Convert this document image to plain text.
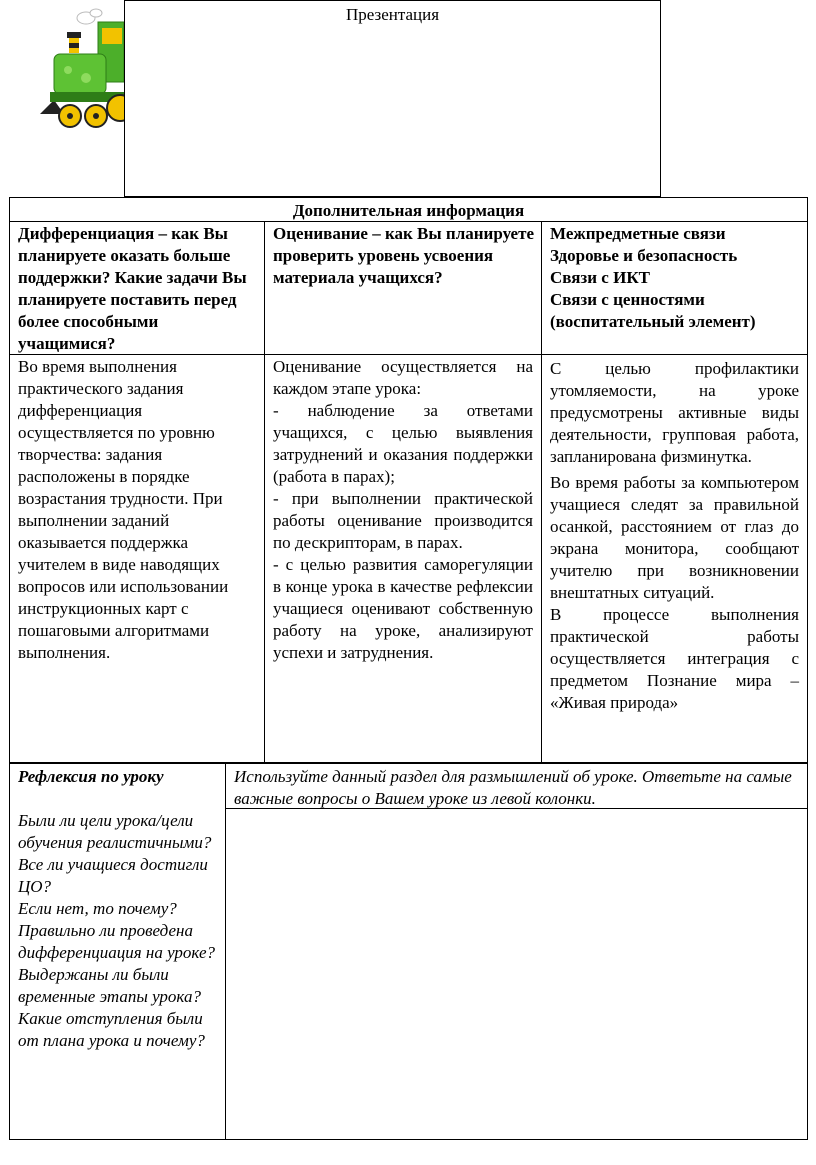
Презентация
Дополнительная информация
Дифференциация – как Вы планируете оказать больше поддержки? Какие задачи Вы планируете поставить перед более способными учащимися?
Оценивание – как Вы планируете проверить уровень усвоения материала учащихся?
Межпредметные связи
Здоровье и безопасность
Связи с ИКТ
Связи с ценностями
(воспитательный элемент)
Во время выполнения практического задания дифференциация осуществляется по уровню творчества: задания расположены в порядке возрастания трудности. При выполнении заданий оказывается поддержка учителем в виде наводящих вопросов или использовании инструкционных карт с пошаговыми алгоритмами выполнения.

Оценивание осуществляется на каждом этапе урока:

- наблюдение за ответами учащихся, с целью выявления затруднений и оказания поддержки (работа в парах);

- при выполнении практической работы оценивание производится по дескрипторам, в парах.

- с целью развития саморегуляции в конце урока в качестве рефлексии учащиеся оценивают собственную работу на уроке, анализируют успехи и затруднения.

С целью профилактики утомляемости, на уроке предусмотрены активные виды деятельности, групповая работа, запланирована физминутка.

Во время работы за компьютером учащиеся следят за правильной осанкой, расстоянием от глаз до экрана монитора, сообщают учителю при возникновении внештатных ситуаций.

В процессе выполнения практической работы осуществляется интеграция с предметом Познание мира – «Живая природа»

Рефлексия по уроку	Используйте данный раздел для размышлений об уроке. Ответьте на самые важные вопросы о Вашем уроке из левой колонки.
Были ли цели урока/цели обучения реалистичными?
Все ли учащиеся достигли ЦО?
Если нет, то почему?
Правильно ли проведена дифференциация на уроке?
Выдержаны ли были временные этапы урока?
Какие отступления были от плана урока и почему?
